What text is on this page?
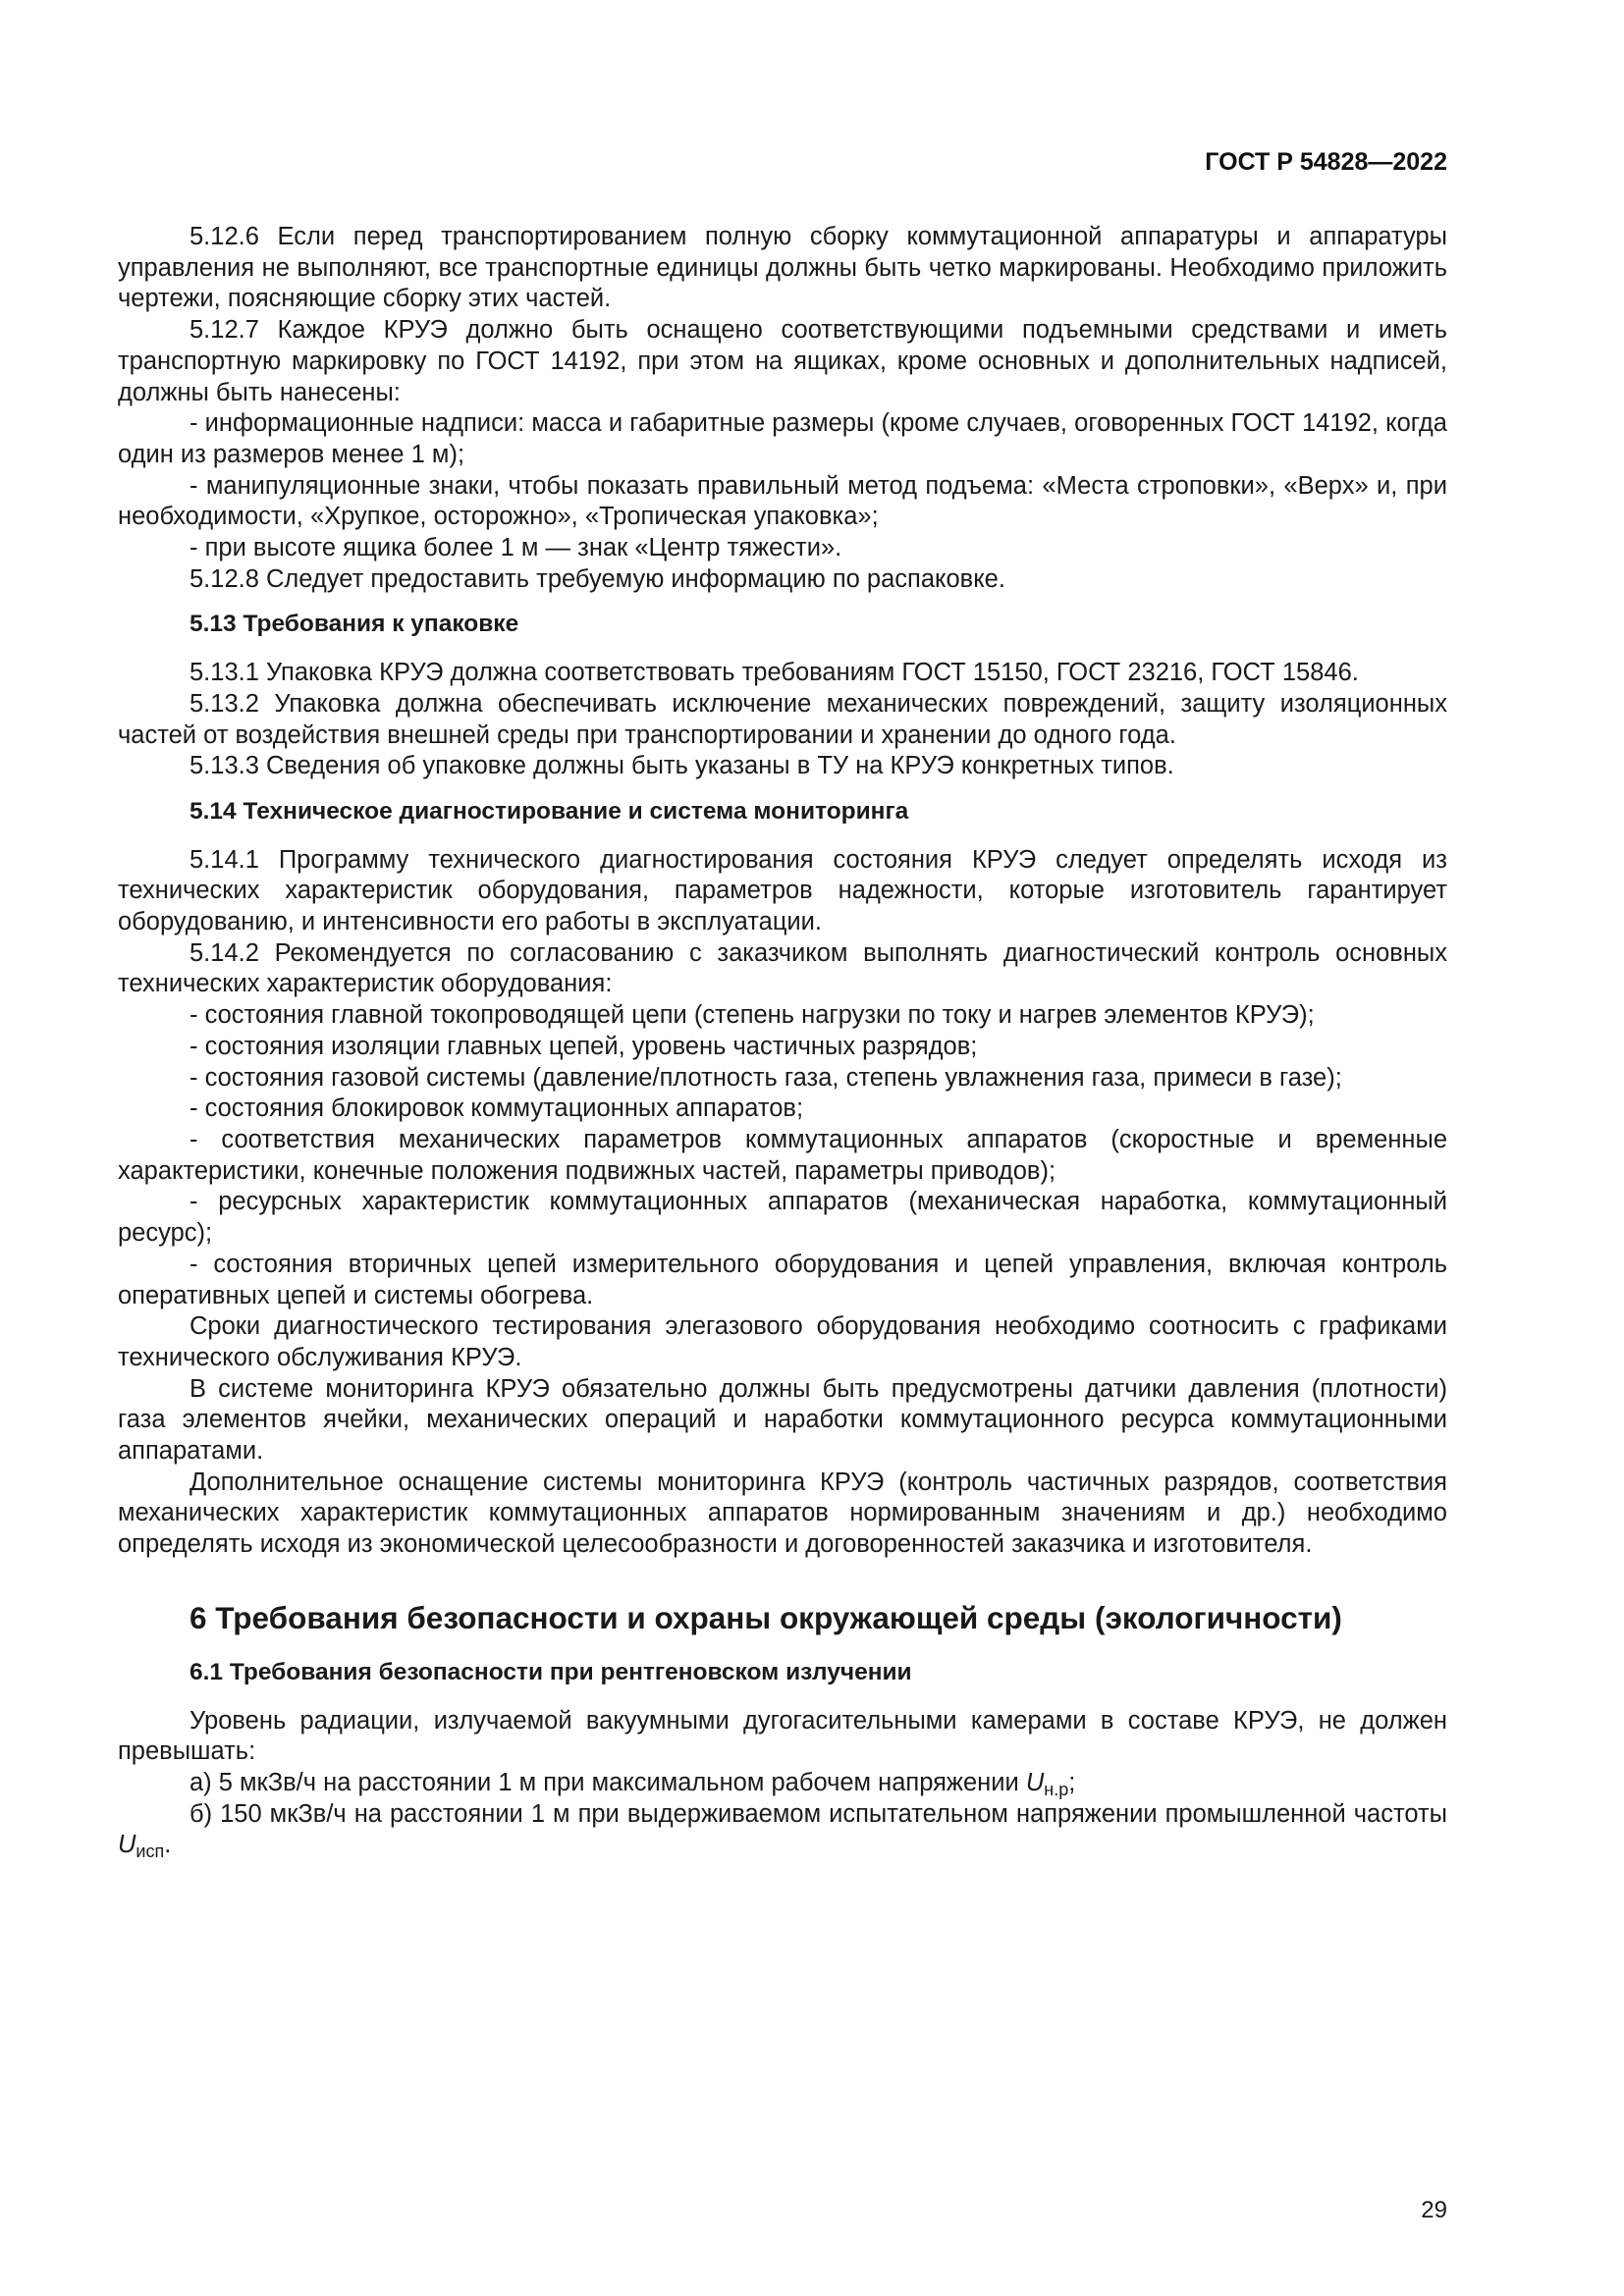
ГОСТ Р 54828—2022

5.12.6 Если перед транспортированием полную сборку коммутационной аппаратуры и аппаратуры управления не выполняют, все транспортные единицы должны быть четко маркированы. Необходимо приложить чертежи, поясняющие сборку этих частей.

5.12.7 Каждое КРУЭ должно быть оснащено соответствующими подъемными средствами и иметь транспортную маркировку по ГОСТ 14192, при этом на ящиках, кроме основных и дополнительных надписей, должны быть нанесены:

- информационные надписи: масса и габаритные размеры (кроме случаев, оговоренных ГОСТ 14192, когда один из размеров менее 1 м);

- манипуляционные знаки, чтобы показать правильный метод подъема: «Места строповки», «Верх» и, при необходимости, «Хрупкое, осторожно», «Тропическая упаковка»;

- при высоте ящика более 1 м — знак «Центр тяжести».

5.12.8 Следует предоставить требуемую информацию по распаковке.

5.13 Требования к упаковке

5.13.1 Упаковка КРУЭ должна соответствовать требованиям ГОСТ 15150, ГОСТ 23216, ГОСТ 15846.

5.13.2 Упаковка должна обеспечивать исключение механических повреждений, защиту изоляционных частей от воздействия внешней среды при транспортировании и хранении до одного года.

5.13.3 Сведения об упаковке должны быть указаны в ТУ на КРУЭ конкретных типов.

5.14 Техническое диагностирование и система мониторинга

5.14.1 Программу технического диагностирования состояния КРУЭ следует определять исходя из технических характеристик оборудования, параметров надежности, которые изготовитель гарантирует оборудованию, и интенсивности его работы в эксплуатации.

5.14.2 Рекомендуется по согласованию с заказчиком выполнять диагностический контроль основных технических характеристик оборудования:

- состояния главной токопроводящей цепи (степень нагрузки по току и нагрев элементов КРУЭ);

- состояния изоляции главных цепей, уровень частичных разрядов;

- состояния газовой системы (давление/плотность газа, степень увлажнения газа, примеси в газе);

- состояния блокировок коммутационных аппаратов;

- соответствия механических параметров коммутационных аппаратов (скоростные и временные характеристики, конечные положения подвижных частей, параметры приводов);

- ресурсных характеристик коммутационных аппаратов (механическая наработка, коммутационный ресурс);

- состояния вторичных цепей измерительного оборудования и цепей управления, включая контроль оперативных цепей и системы обогрева.

Сроки диагностического тестирования элегазового оборудования необходимо соотносить с графиками технического обслуживания КРУЭ.

В системе мониторинга КРУЭ обязательно должны быть предусмотрены датчики давления (плотности) газа элементов ячейки, механических операций и наработки коммутационного ресурса коммутационными аппаратами.

Дополнительное оснащение системы мониторинга КРУЭ (контроль частичных разрядов, соответствия механических характеристик коммутационных аппаратов нормированным значениям и др.) необходимо определять исходя из экономической целесообразности и договоренностей заказчика и изготовителя.

6 Требования безопасности и охраны окружающей среды (экологичности)
6.1 Требования безопасности при рентгеновском излучении

Уровень радиации, излучаемой вакуумными дугогасительными камерами в составе КРУЭ, не должен превышать:

а) 5 мкЗв/ч на расстоянии 1 м при максимальном рабочем напряжении $U_{н.р}$;

б) 150 мкЗв/ч на расстоянии 1 м при выдерживаемом испытательном напряжении промышленной частоты $U_{исп}$.

29
